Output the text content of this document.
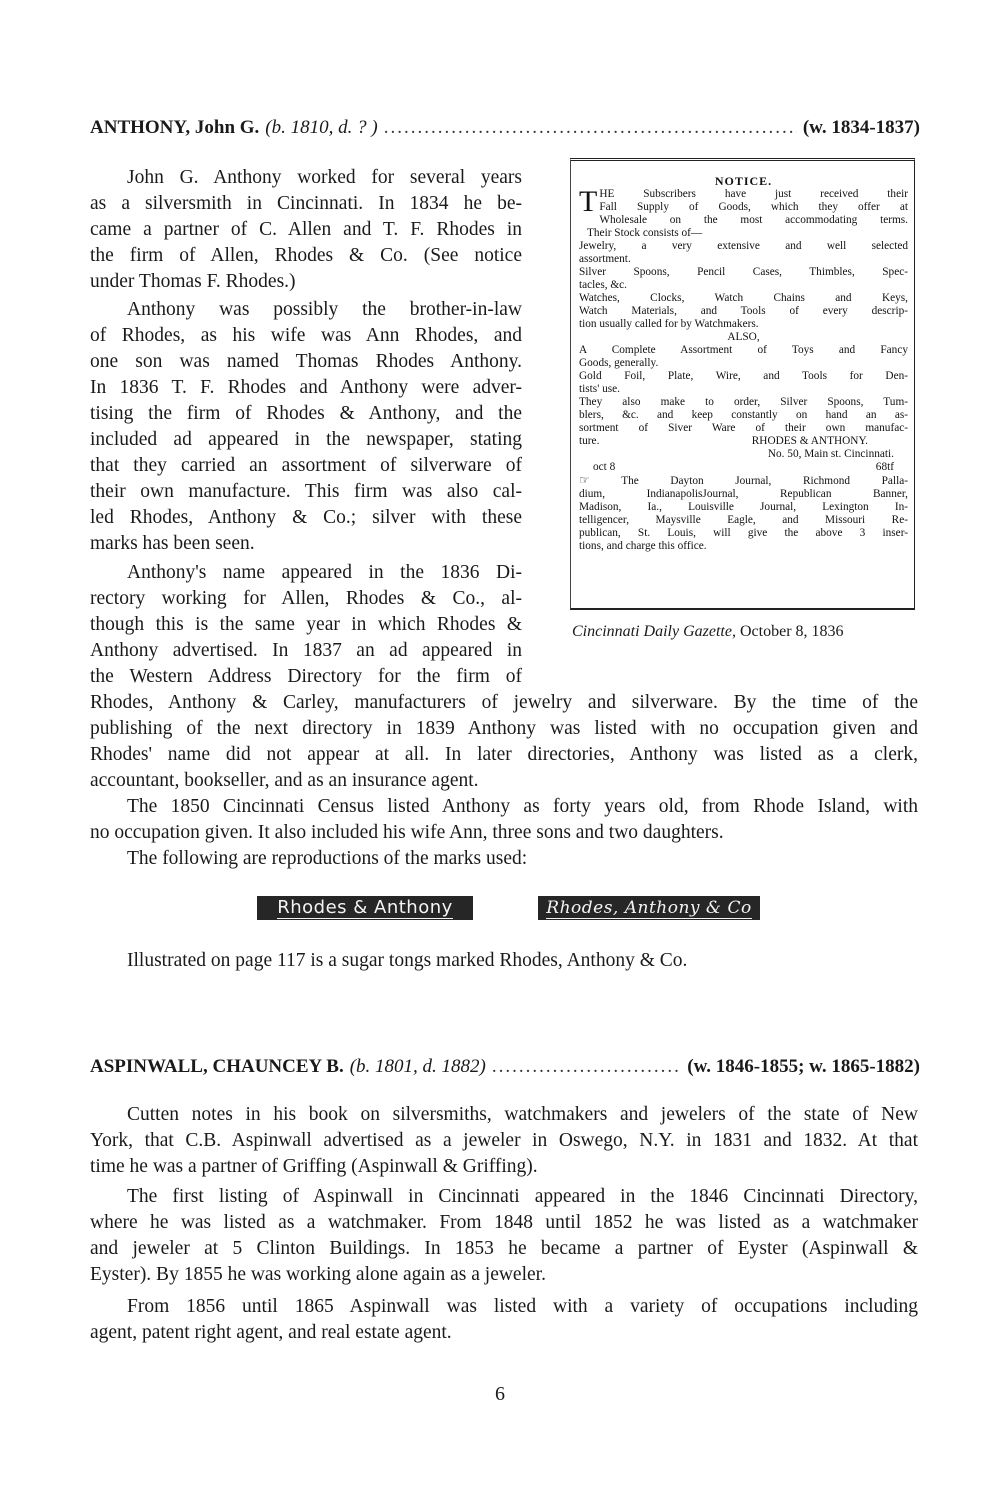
ANTHONY, John G. (b. 1810, d. ? ) .....	(w. 1834-1837)
John G. Anthony worked for several years
as a silversmith in Cincinnati. In 1834 he be-
came a partner of C. Allen and T. F. Rhodes in
the firm of Allen, Rhodes & Co. (See notice
under Thomas F. Rhodes.)
Anthony was possibly the brother-in-law
of Rhodes, as his wife was Ann Rhodes, and
one son was named Thomas Rhodes Anthony.
In 1836 T. F. Rhodes and Anthony were adver-
tising the firm of Rhodes & Anthony, and the
included ad appeared in the newspaper, stating
that they carried an assortment of silverware of
their own manufacture. This firm was also cal-
led Rhodes, Anthony & Co.; silver with these
marks has been seen.
Anthony's name appeared in the 1836 Di-
rectory working for Allen, Rhodes & Co., al-
though this is the same year in which Rhodes &
Anthony advertised. In 1837 an ad appeared in
the Western Address Directory for the firm of
Rhodes, Anthony & Carley, manufacturers of jewelry and silverware. By the time of the
publishing of the next directory in 1839 Anthony was listed with no occupation given and
Rhodes' name did not appear at all. In later directories, Anthony was listed as a clerk,
accountant, bookseller, and as an insurance agent.
The 1850 Cincinnati Census listed Anthony as forty years old, from Rhode Island, with
no occupation given. It also included his wife Ann, three sons and two daughters.
The following are reproductions of the marks used:
Rhodes & Anthony	Rhodes, Anthony & Co
Illustrated on page 117 is a sugar tongs marked Rhodes, Anthony & Co.
NOTICE.
T HE Subscribers have just received their
Fall Supply of Goods, which they offer at
Wholesale on the most accommodating terms.
Their Stock consists of—
Jewelry, a very extensive and well selected
assortment.
Silver Spoons, Pencil Cases, Thimbles, Spec-
tacles, &c.
Watches, Clocks, Watch Chains and Keys,
Watch Materials, and Tools of every descrip-
tion usually called for by Watchmakers.
ALSO,
A Complete Assortment of Toys and Fancy
Goods, generally.
Gold Foil, Plate, Wire, and Tools for Den-
tists' use.
They also make to order, Silver Spoons, Tum-
blers, &c. and keep constantly on hand an as-
sortment of Siver Ware of their own manufac-
ture.	RHODES & ANTHONY.
No. 50, Main st. Cincinnati.
oct 8	68tf
☞	The Dayton Journal, Richmond Palla-
dium, IndianapolisJournal, Republican Banner,
Madison, Ia., Louisville Journal, Lexington In-
telligencer, Maysville Eagle, and Missouri Re-
publican, St. Louis, will give the above 3 inser-
tions, and charge this office.
Cincinnati Daily Gazette, October 8, 1836
ASPINWALL, CHAUNCEY B. (b. 1801, d. 1882) .....	(w. 1846-1855; w. 1865-1882)
Cutten notes in his book on silversmiths, watchmakers and jewelers of the state of New
York, that C.B. Aspinwall advertised as a jeweler in Oswego, N.Y. in 1831 and 1832. At that
time he was a partner of Griffing (Aspinwall & Griffing).
The first listing of Aspinwall in Cincinnati appeared in the 1846 Cincinnati Directory,
where he was listed as a watchmaker. From 1848 until 1852 he was listed as a watchmaker
and jeweler at 5 Clinton Buildings. In 1853 he became a partner of Eyster (Aspinwall &
Eyster). By 1855 he was working alone again as a jeweler.
From 1856 until 1865 Aspinwall was listed with a variety of occupations including
agent, patent right agent, and real estate agent.
6
